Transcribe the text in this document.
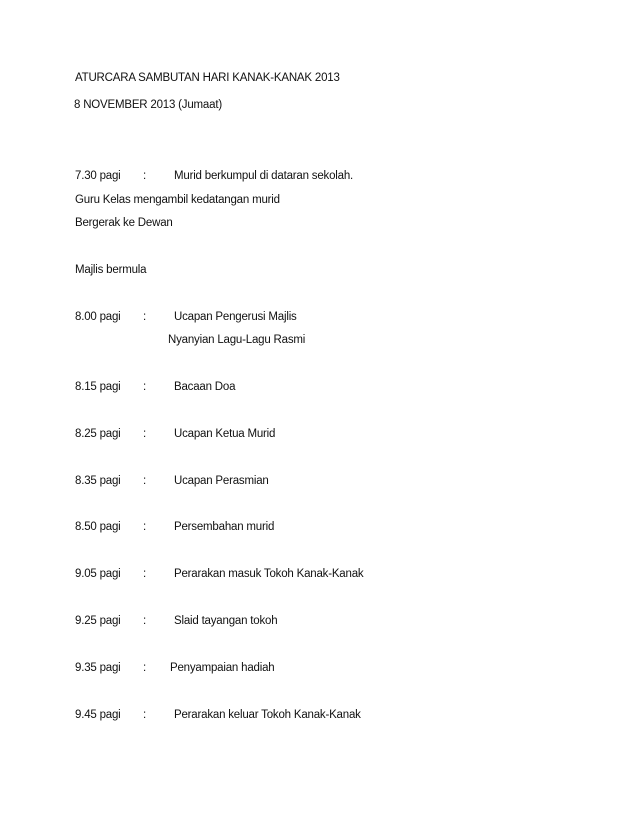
ATURCARA SAMBUTAN HARI KANAK-KANAK 2013
8 NOVEMBER 2013 (Jumaat)
7.30 pagi : Murid berkumpul di dataran sekolah.
Guru Kelas mengambil kedatangan murid
Bergerak ke Dewan
Majlis bermula
8.00 pagi : Ucapan Pengerusi Majlis
Nyanyian Lagu-Lagu Rasmi
8.15 pagi : Bacaan Doa
8.25 pagi : Ucapan Ketua Murid
8.35 pagi : Ucapan Perasmian
8.50 pagi : Persembahan murid
9.05 pagi : Perarakan masuk Tokoh Kanak-Kanak
9.25 pagi : Slaid tayangan tokoh
9.35 pagi : Penyampaian hadiah
9.45 pagi : Perarakan keluar Tokoh Kanak-Kanak
